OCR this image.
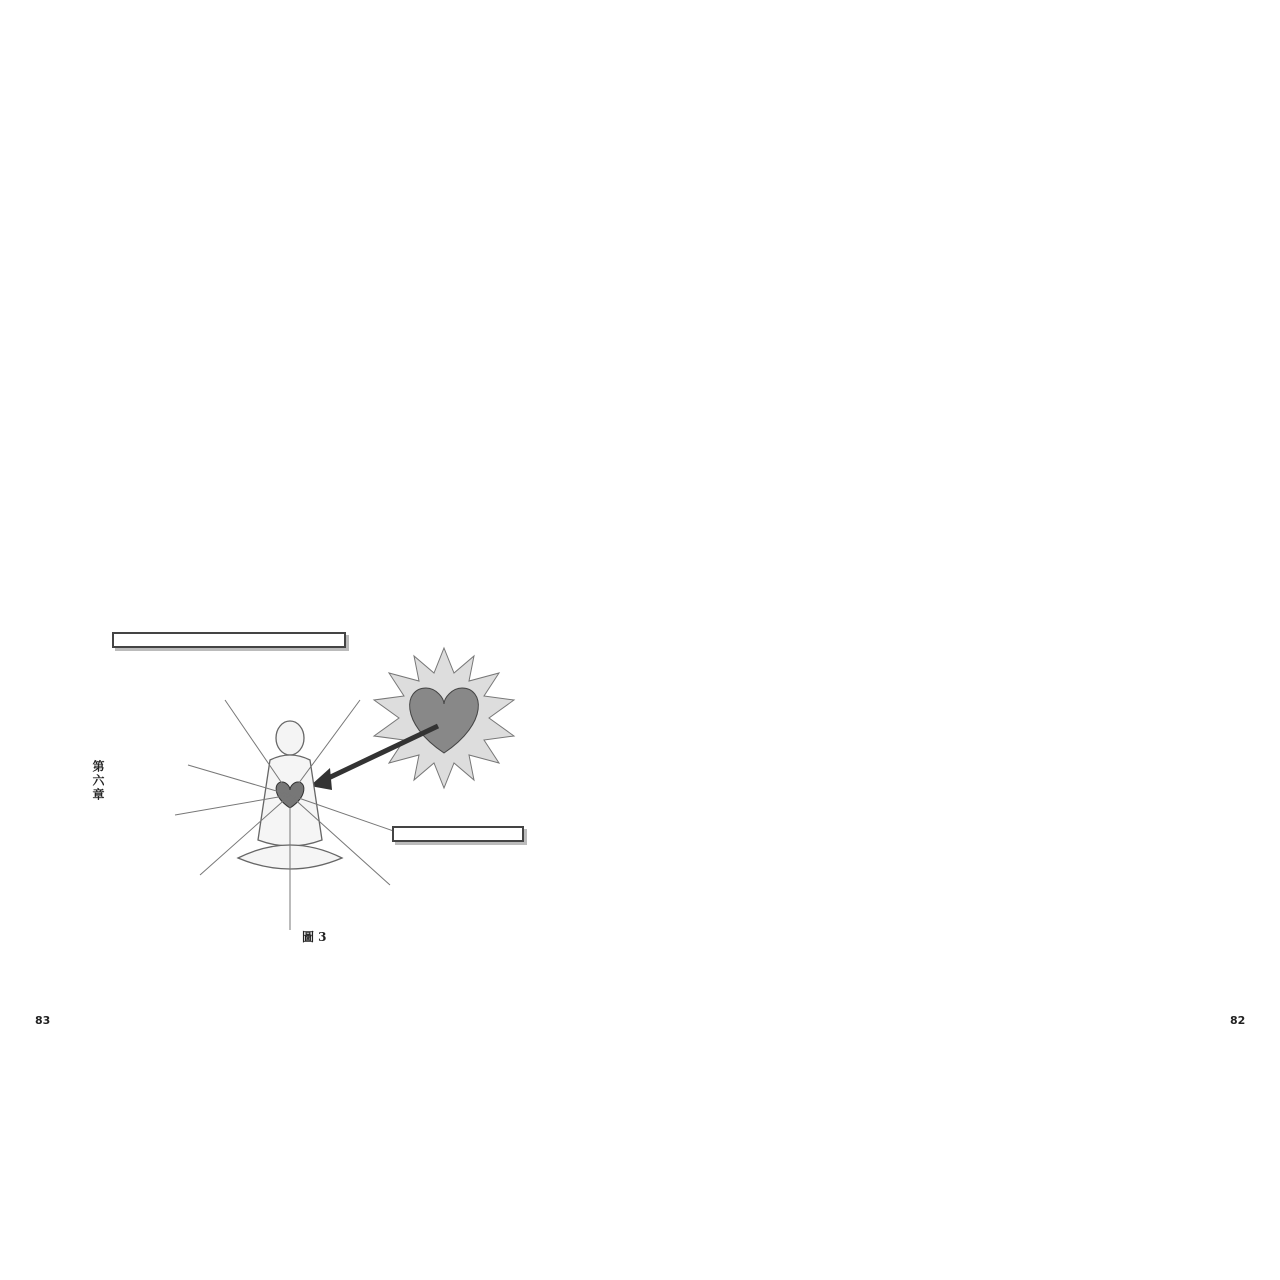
圖 3
第六章
83	82
